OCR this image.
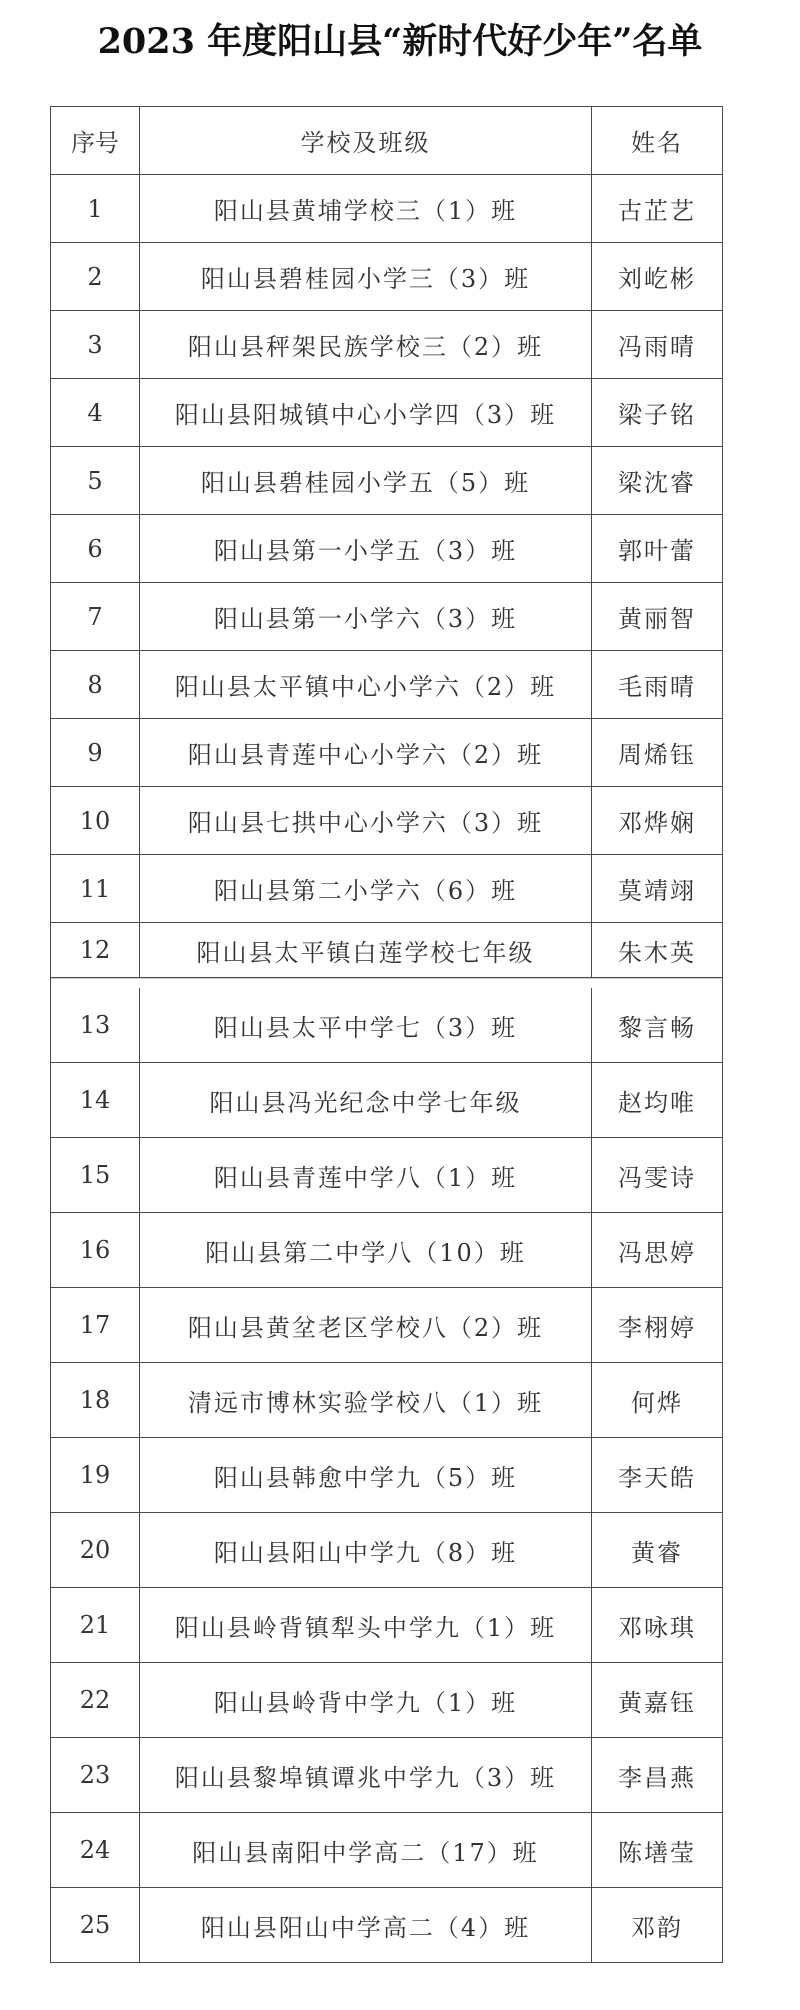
2023 年度阳山县“新时代好少年”名单
序号	学校及班级	姓名
1	阳山县黄埔学校三（1）班	古芷艺
2	阳山县碧桂园小学三（3）班	刘屹彬
3	阳山县秤架民族学校三（2）班	冯雨晴
4	阳山县阳城镇中心小学四（3）班	梁子铭
5	阳山县碧桂园小学五（5）班	梁沈睿
6	阳山县第一小学五（3）班	郭叶蕾
7	阳山县第一小学六（3）班	黄丽智
8	阳山县太平镇中心小学六（2）班	毛雨晴
9	阳山县青莲中心小学六（2）班	周烯钰
10	阳山县七拱中心小学六（3）班	邓烨娴
11	阳山县第二小学六（6）班	莫靖翊
12	阳山县太平镇白莲学校七年级	朱木英
13	阳山县太平中学七（3）班	黎言畅
14	阳山县冯光纪念中学七年级	赵均唯
15	阳山县青莲中学八（1）班	冯雯诗
16	阳山县第二中学八（10）班	冯思婷
17	阳山县黄坌老区学校八（2）班	李栩婷
18	清远市博林实验学校八（1）班	何烨
19	阳山县韩愈中学九（5）班	李天皓
20	阳山县阳山中学九（8）班	黄睿
21	阳山县岭背镇犁头中学九（1）班	邓咏琪
22	阳山县岭背中学九（1）班	黄嘉钰
23	阳山县黎埠镇谭兆中学九（3）班	李昌燕
24	阳山县南阳中学高二（17）班	陈墡莹
25	阳山县阳山中学高二（4）班	邓韵
